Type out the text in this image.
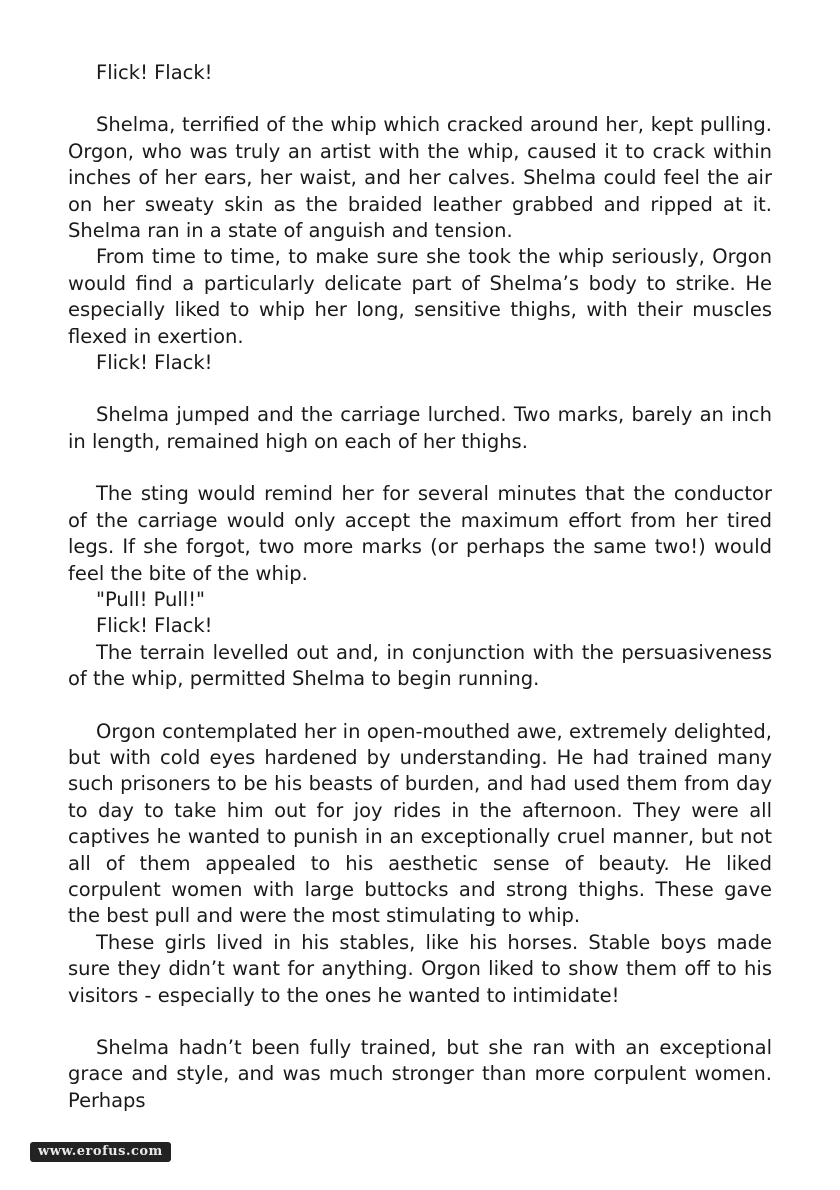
Flick! Flack!

Shelma, terrified of the whip which cracked around her, kept pulling. Orgon, who was truly an artist with the whip, caused it to crack within inches of her ears, her waist, and her calves. Shelma could feel the air on her sweaty skin as the braided leather grabbed and ripped at it. Shelma ran in a state of anguish and tension.

From time to time, to make sure she took the whip seriously, Orgon would find a particularly delicate part of Shelma’s body to strike. He especially liked to whip her long, sensitive thighs, with their muscles flexed in exertion.

Flick! Flack!

Shelma jumped and the carriage lurched. Two marks, barely an inch in length, remained high on each of her thighs.

The sting would remind her for several minutes that the conductor of the carriage would only accept the maximum effort from her tired legs. If she forgot, two more marks (or perhaps the same two!) would feel the bite of the whip.

"Pull! Pull!"

Flick! Flack!

The terrain levelled out and, in conjunction with the persuasiveness of the whip, permitted Shelma to begin running.

Orgon contemplated her in open-mouthed awe, extremely delighted, but with cold eyes hardened by understanding. He had trained many such prisoners to be his beasts of burden, and had used them from day to day to take him out for joy rides in the afternoon. They were all captives he wanted to punish in an exceptionally cruel manner, but not all of them appealed to his aesthetic sense of beauty. He liked corpulent women with large buttocks and strong thighs. These gave the best pull and were the most stimulating to whip.

These girls lived in his stables, like his horses. Stable boys made sure they didn’t want for anything. Orgon liked to show them off to his visitors - especially to the ones he wanted to intimidate!

Shelma hadn’t been fully trained, but she ran with an exceptional grace and style, and was much stronger than more corpulent women. Perhaps

www.erofus.com
